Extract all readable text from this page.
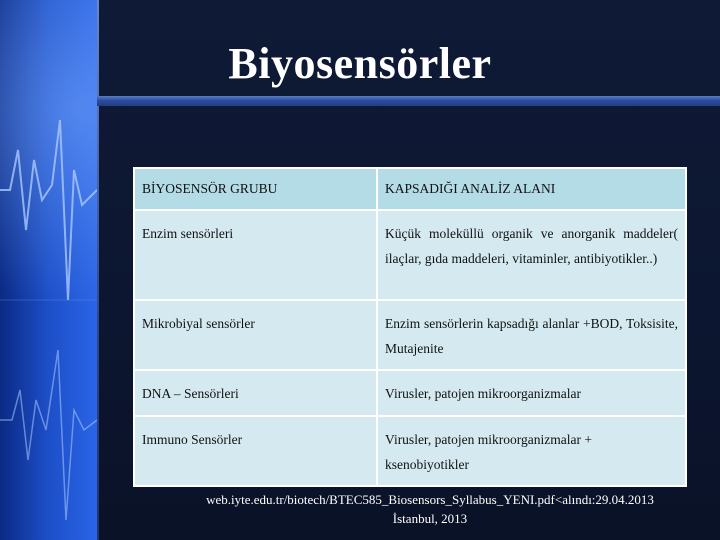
Biyosensörler
BİYOSENSÖR GRUBU	KAPSADIĞI ANALİZ ALANI

Enzim sensörleri	Küçük moleküllü organik ve anorganik maddeler( ilaçlar, gıda maddeleri, vitaminler, antibiyotikler..)

Mikrobiyal sensörler	Enzim sensörlerin kapsadığı alanlar +BOD, Toksisite, Mutajenite

DNA – Sensörleri	Virusler, patojen mikroorganizmalar

Immuno Sensörler	Virusler, patojen mikroorganizmalar + ksenobiyotikler
web.iyte.edu.tr/biotech/BTEC585_Biosensors_Syllabus_YENI.pdf<alındı:29.04.2013
İstanbul, 2013
